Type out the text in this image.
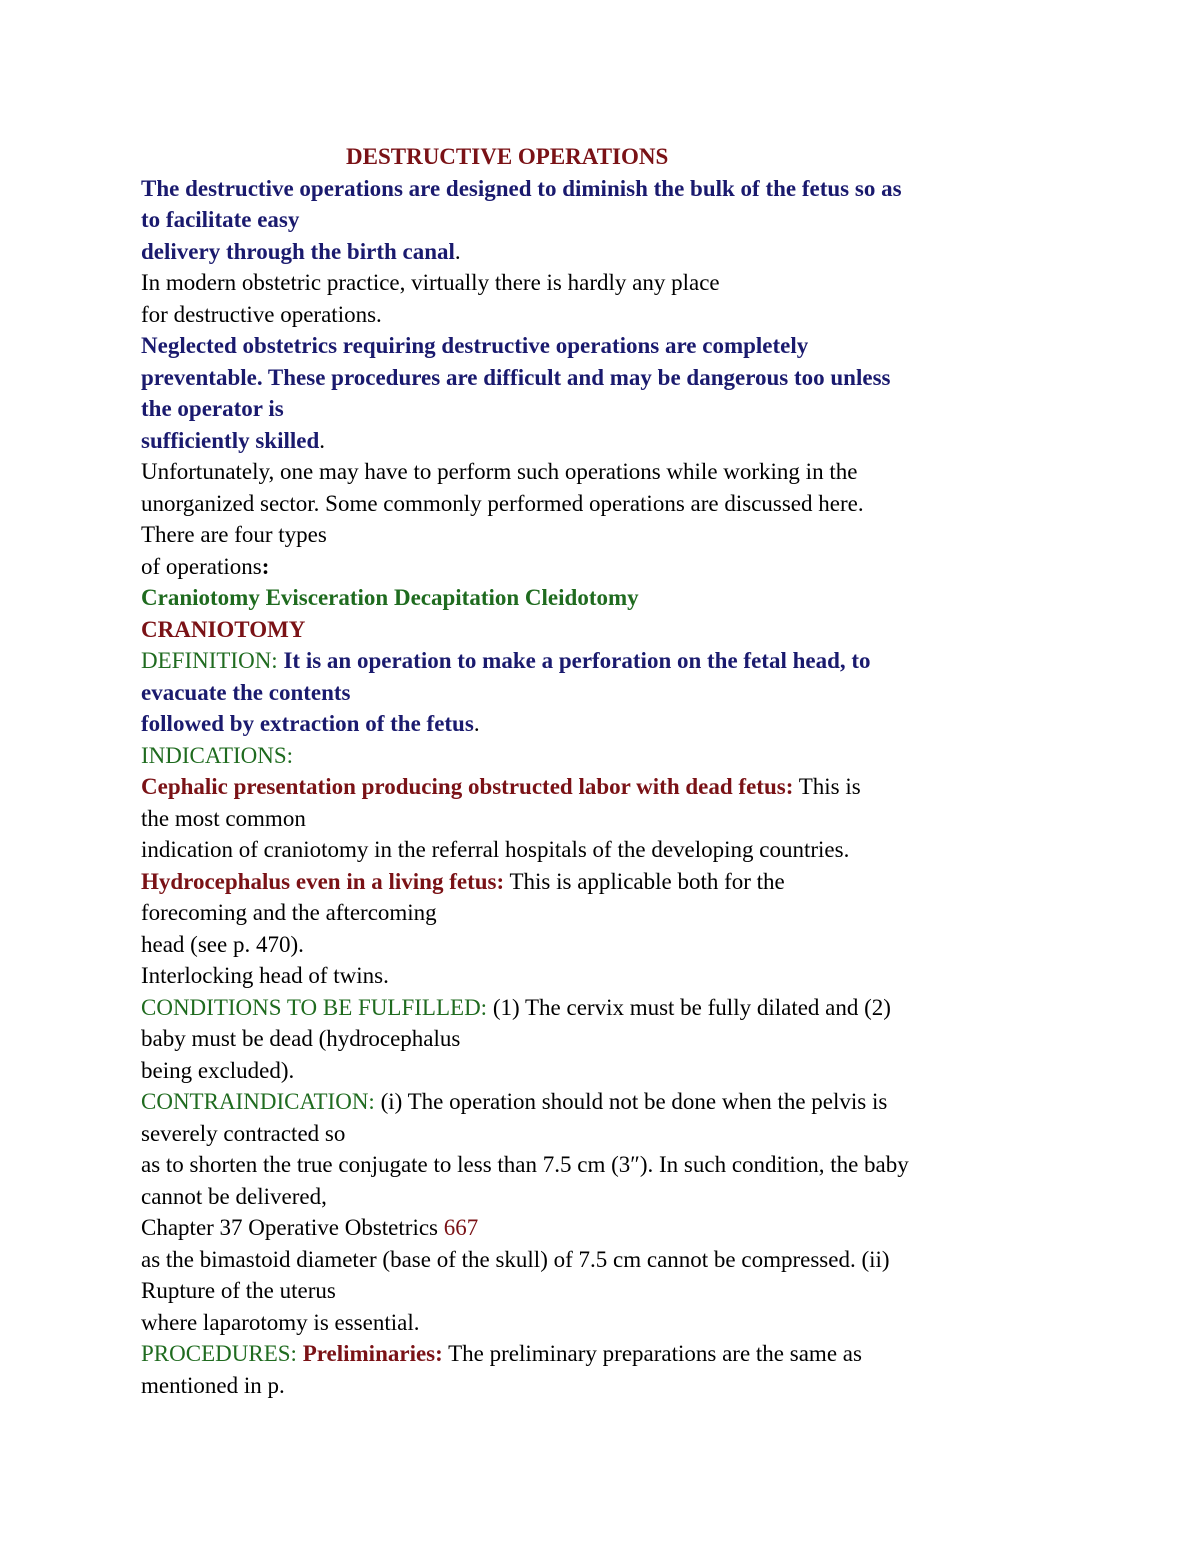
DESTRUCTIVE OPERATIONS
The destructive operations are designed to diminish the bulk of the fetus so as
to facilitate easy
delivery through the birth canal.
In modern obstetric practice, virtually there is hardly any place
for destructive operations.
Neglected obstetrics requiring destructive operations are completely
preventable. These procedures are difficult and may be dangerous too unless
the operator is
sufficiently skilled.
Unfortunately, one may have to perform such operations while working in the
unorganized sector. Some commonly performed operations are discussed here.
There are four types
of operations:
Craniotomy Evisceration Decapitation Cleidotomy
CRANIOTOMY
DEFINITION: It is an operation to make a perforation on the fetal head, to
evacuate the contents
followed by extraction of the fetus.
INDICATIONS:
Cephalic presentation producing obstructed labor with dead fetus: This is
the most common
indication of craniotomy in the referral hospitals of the developing countries.
Hydrocephalus even in a living fetus: This is applicable both for the
forecoming and the aftercoming
head (see p. 470).
Interlocking head of twins.
CONDITIONS TO BE FULFILLED: (1) The cervix must be fully dilated and (2)
baby must be dead (hydrocephalus
being excluded).
CONTRAINDICATION: (i) The operation should not be done when the pelvis is
severely contracted so
as to shorten the true conjugate to less than 7.5 cm (3″). In such condition, the baby
cannot be delivered,
Chapter 37 Operative Obstetrics 667
as the bimastoid diameter (base of the skull) of 7.5 cm cannot be compressed. (ii)
Rupture of the uterus
where laparotomy is essential.
PROCEDURES: Preliminaries: The preliminary preparations are the same as
mentioned in p.
